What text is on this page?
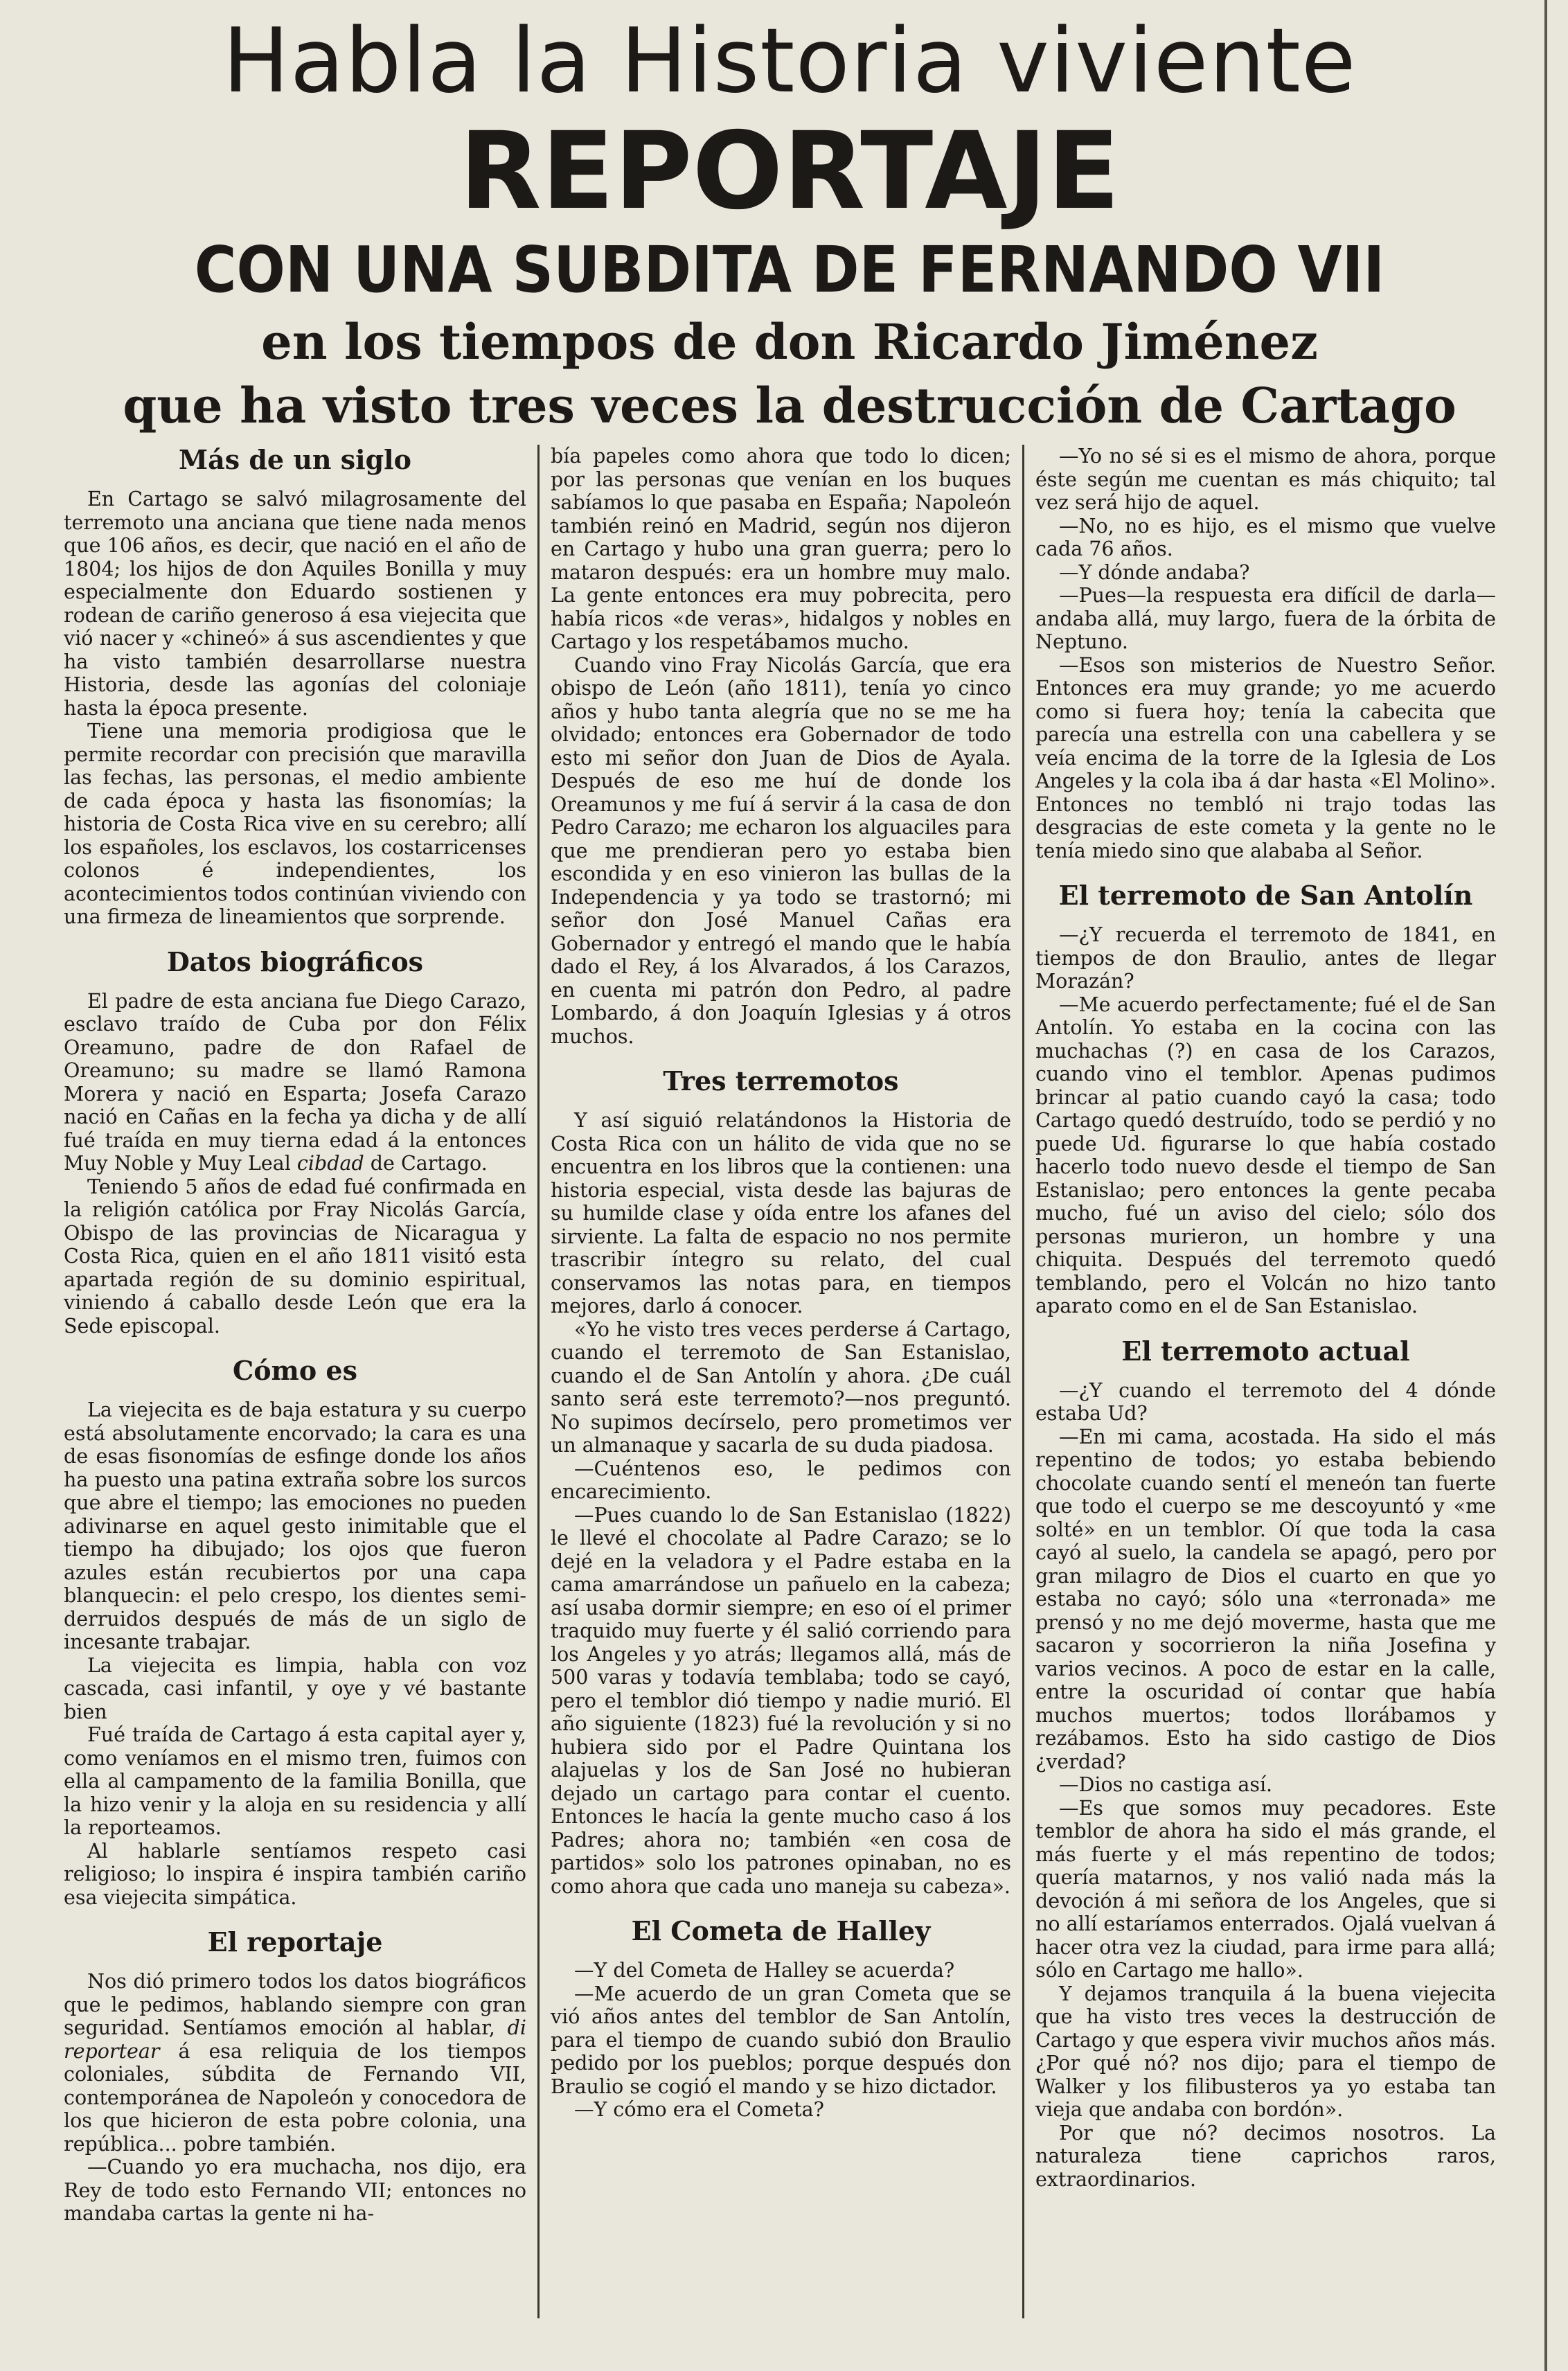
Habla la Historia viviente
REPORTAJE
CON UNA SUBDITA DE FERNANDO VII
en los tiempos de don Ricardo Jiménez
que ha visto tres veces la destrucción de Cartago
Más de un siglo

En Cartago se salvó milagrosamente del terremoto una anciana que tiene nada menos que 106 años, es decir, que nació en el año de 1804; los hijos de don Aquiles Bonilla y muy especialmente don Eduardo sostienen y rodean de cariño generoso á esa viejecita que vió nacer y «chineó» á sus ascendientes y que ha visto también desarrollarse nuestra Historia, desde las agonías del coloniaje hasta la época presente.

Tiene una memoria prodigiosa que le permite recordar con precisión que maravilla las fechas, las personas, el medio ambiente de cada época y hasta las fisonomías; la historia de Costa Rica vive en su cerebro; allí los españoles, los esclavos, los costarricenses colonos é independientes, los acontecimientos todos continúan viviendo con una firmeza de lineamientos que sorprende.

Datos biográficos

El padre de esta anciana fue Diego Carazo, esclavo traído de Cuba por don Félix Oreamuno, padre de don Rafael de Oreamuno; su madre se llamó Ramona Morera y nació en Esparta; Josefa Carazo nació en Cañas en la fecha ya dicha y de allí fué traída en muy tierna edad á la entonces Muy Noble y Muy Leal cibdad de Cartago.

Teniendo 5 años de edad fué confirmada en la religión católica por Fray Nicolás García, Obispo de las provincias de Nicaragua y Costa Rica, quien en el año 1811 visitó esta apartada región de su dominio espiritual, viniendo á caballo desde León que era la Sede episcopal.

Cómo es

La viejecita es de baja estatura y su cuerpo está absolutamente encorvado; la cara es una de esas fisonomías de esfinge donde los años ha puesto una patina extraña sobre los surcos que abre el tiempo; las emociones no pueden adivinarse en aquel gesto inimitable que el tiempo ha dibujado; los ojos que fueron azules están recubiertos por una capa blanquecin: el pelo crespo, los dientes semi-derruidos después de más de un siglo de incesante trabajar.

La viejecita es limpia, habla con voz cascada, casi infantil, y oye y vé bastante bien

Fué traída de Cartago á esta capital ayer y, como veníamos en el mismo tren, fuimos con ella al campamento de la familia Bonilla, que la hizo venir y la aloja en su residencia y allí la reporteamos.

Al hablarle sentíamos respeto casi religioso; lo inspira é inspira también cariño esa viejecita simpática.

El reportaje

Nos dió primero todos los datos biográficos que le pedimos, hablando siempre con gran seguridad. Sentíamos emoción al hablar, di reportear á esa reliquia de los tiempos coloniales, súbdita de Fernando VII, contemporánea de Napoleón y conocedora de los que hicieron de esta pobre colonia, una república... pobre también.

—Cuando yo era muchacha, nos dijo, era Rey de todo esto Fernando VII; entonces no mandaba cartas la gente ni ha-

bía papeles como ahora que todo lo dicen; por las personas que venían en los buques sabíamos lo que pasaba en España; Napoleón también reinó en Madrid, según nos dijeron en Cartago y hubo una gran guerra; pero lo mataron después: era un hombre muy malo. La gente entonces era muy pobrecita, pero había ricos «de veras», hidalgos y nobles en Cartago y los respetábamos mucho.

Cuando vino Fray Nicolás García, que era obispo de León (año 1811), tenía yo cinco años y hubo tanta alegría que no se me ha olvidado; entonces era Gobernador de todo esto mi señor don Juan de Dios de Ayala. Después de eso me huí de donde los Oreamunos y me fuí á servir á la casa de don Pedro Carazo; me echaron los alguaciles para que me prendieran pero yo estaba bien escondida y en eso vinieron las bullas de la Independencia y ya todo se trastornó; mi señor don José Manuel Cañas era Gobernador y entregó el mando que le había dado el Rey, á los Alvarados, á los Carazos, en cuenta mi patrón don Pedro, al padre Lombardo, á don Joaquín Iglesias y á otros muchos.

Tres terremotos

Y así siguió relatándonos la Historia de Costa Rica con un hálito de vida que no se encuentra en los libros que la contienen: una historia especial, vista desde las bajuras de su humilde clase y oída entre los afanes del sirviente. La falta de espacio no nos permite trascribir íntegro su relato, del cual conservamos las notas para, en tiempos mejores, darlo á conocer.

«Yo he visto tres veces perderse á Cartago, cuando el terremoto de San Estanislao, cuando el de San Antolín y ahora. ¿De cuál santo será este terremoto?—nos preguntó. No supimos decírselo, pero prometimos ver un almanaque y sacarla de su duda piadosa.

—Cuéntenos eso, le pedimos con encarecimiento.

—Pues cuando lo de San Estanislao (1822) le llevé el chocolate al Padre Carazo; se lo dejé en la veladora y el Padre estaba en la cama amarrándose un pañuelo en la cabeza; así usaba dormir siempre; en eso oí el primer traquido muy fuerte y él salió corriendo para los Angeles y yo atrás; llegamos allá, más de 500 varas y todavía temblaba; todo se cayó, pero el temblor dió tiempo y nadie murió. El año siguiente (1823) fué la revolución y si no hubiera sido por el Padre Quintana los alajuelas y los de San José no hubieran dejado un cartago para contar el cuento. Entonces le hacía la gente mucho caso á los Padres; ahora no; también «en cosa de partidos» solo los patrones opinaban, no es como ahora que cada uno maneja su cabeza».

El Cometa de Halley

—Y del Cometa de Halley se acuerda?

—Me acuerdo de un gran Cometa que se vió años antes del temblor de San Antolín, para el tiempo de cuando subió don Braulio pedido por los pueblos; porque después don Braulio se cogió el mando y se hizo dictador.

—Y cómo era el Cometa?

—Yo no sé si es el mismo de ahora, porque éste según me cuentan es más chiquito; tal vez será hijo de aquel.

—No, no es hijo, es el mismo que vuelve cada 76 años.

—Y dónde andaba?

—Pues—la respuesta era difícil de darla—andaba allá, muy largo, fuera de la órbita de Neptuno.

—Esos son misterios de Nuestro Señor. Entonces era muy grande; yo me acuerdo como si fuera hoy; tenía la cabecita que parecía una estrella con una cabellera y se veía encima de la torre de la Iglesia de Los Angeles y la cola iba á dar hasta «El Molino». Entonces no tembló ni trajo todas las desgracias de este cometa y la gente no le tenía miedo sino que alababa al Señor.

El terremoto de San Antolín

—¿Y recuerda el terremoto de 1841, en tiempos de don Braulio, antes de llegar Morazán?

—Me acuerdo perfectamente; fué el de San Antolín. Yo estaba en la cocina con las muchachas (?) en casa de los Carazos, cuando vino el temblor. Apenas pudimos brincar al patio cuando cayó la casa; todo Cartago quedó destruído, todo se perdió y no puede Ud. figurarse lo que había costado hacerlo todo nuevo desde el tiempo de San Estanislao; pero entonces la gente pecaba mucho, fué un aviso del cielo; sólo dos personas murieron, un hombre y una chiquita. Después del terremoto quedó temblando, pero el Volcán no hizo tanto aparato como en el de San Estanislao.

El terremoto actual

—¿Y cuando el terremoto del 4 dónde estaba Ud?

—En mi cama, acostada. Ha sido el más repentino de todos; yo estaba bebiendo chocolate cuando sentí el meneón tan fuerte que todo el cuerpo se me descoyuntó y «me solté» en un temblor. Oí que toda la casa cayó al suelo, la candela se apagó, pero por gran milagro de Dios el cuarto en que yo estaba no cayó; sólo una «terronada» me prensó y no me dejó moverme, hasta que me sacaron y socorrieron la niña Josefina y varios vecinos. A poco de estar en la calle, entre la oscuridad oí contar que había muchos muertos; todos llorábamos y rezábamos. Esto ha sido castigo de Dios ¿verdad?

—Dios no castiga así.

—Es que somos muy pecadores. Este temblor de ahora ha sido el más grande, el más fuerte y el más repentino de todos; quería matarnos, y nos valió nada más la devoción á mi señora de los Angeles, que si no allí estaríamos enterrados. Ojalá vuelvan á hacer otra vez la ciudad, para irme para allá; sólo en Cartago me hallo».

Y dejamos tranquila á la buena viejecita que ha visto tres veces la destrucción de Cartago y que espera vivir muchos años más. ¿Por qué nó? nos dijo; para el tiempo de Walker y los filibusteros ya yo estaba tan vieja que andaba con bordón».

Por que nó? decimos nosotros. La naturaleza tiene caprichos raros, extraordinarios.
